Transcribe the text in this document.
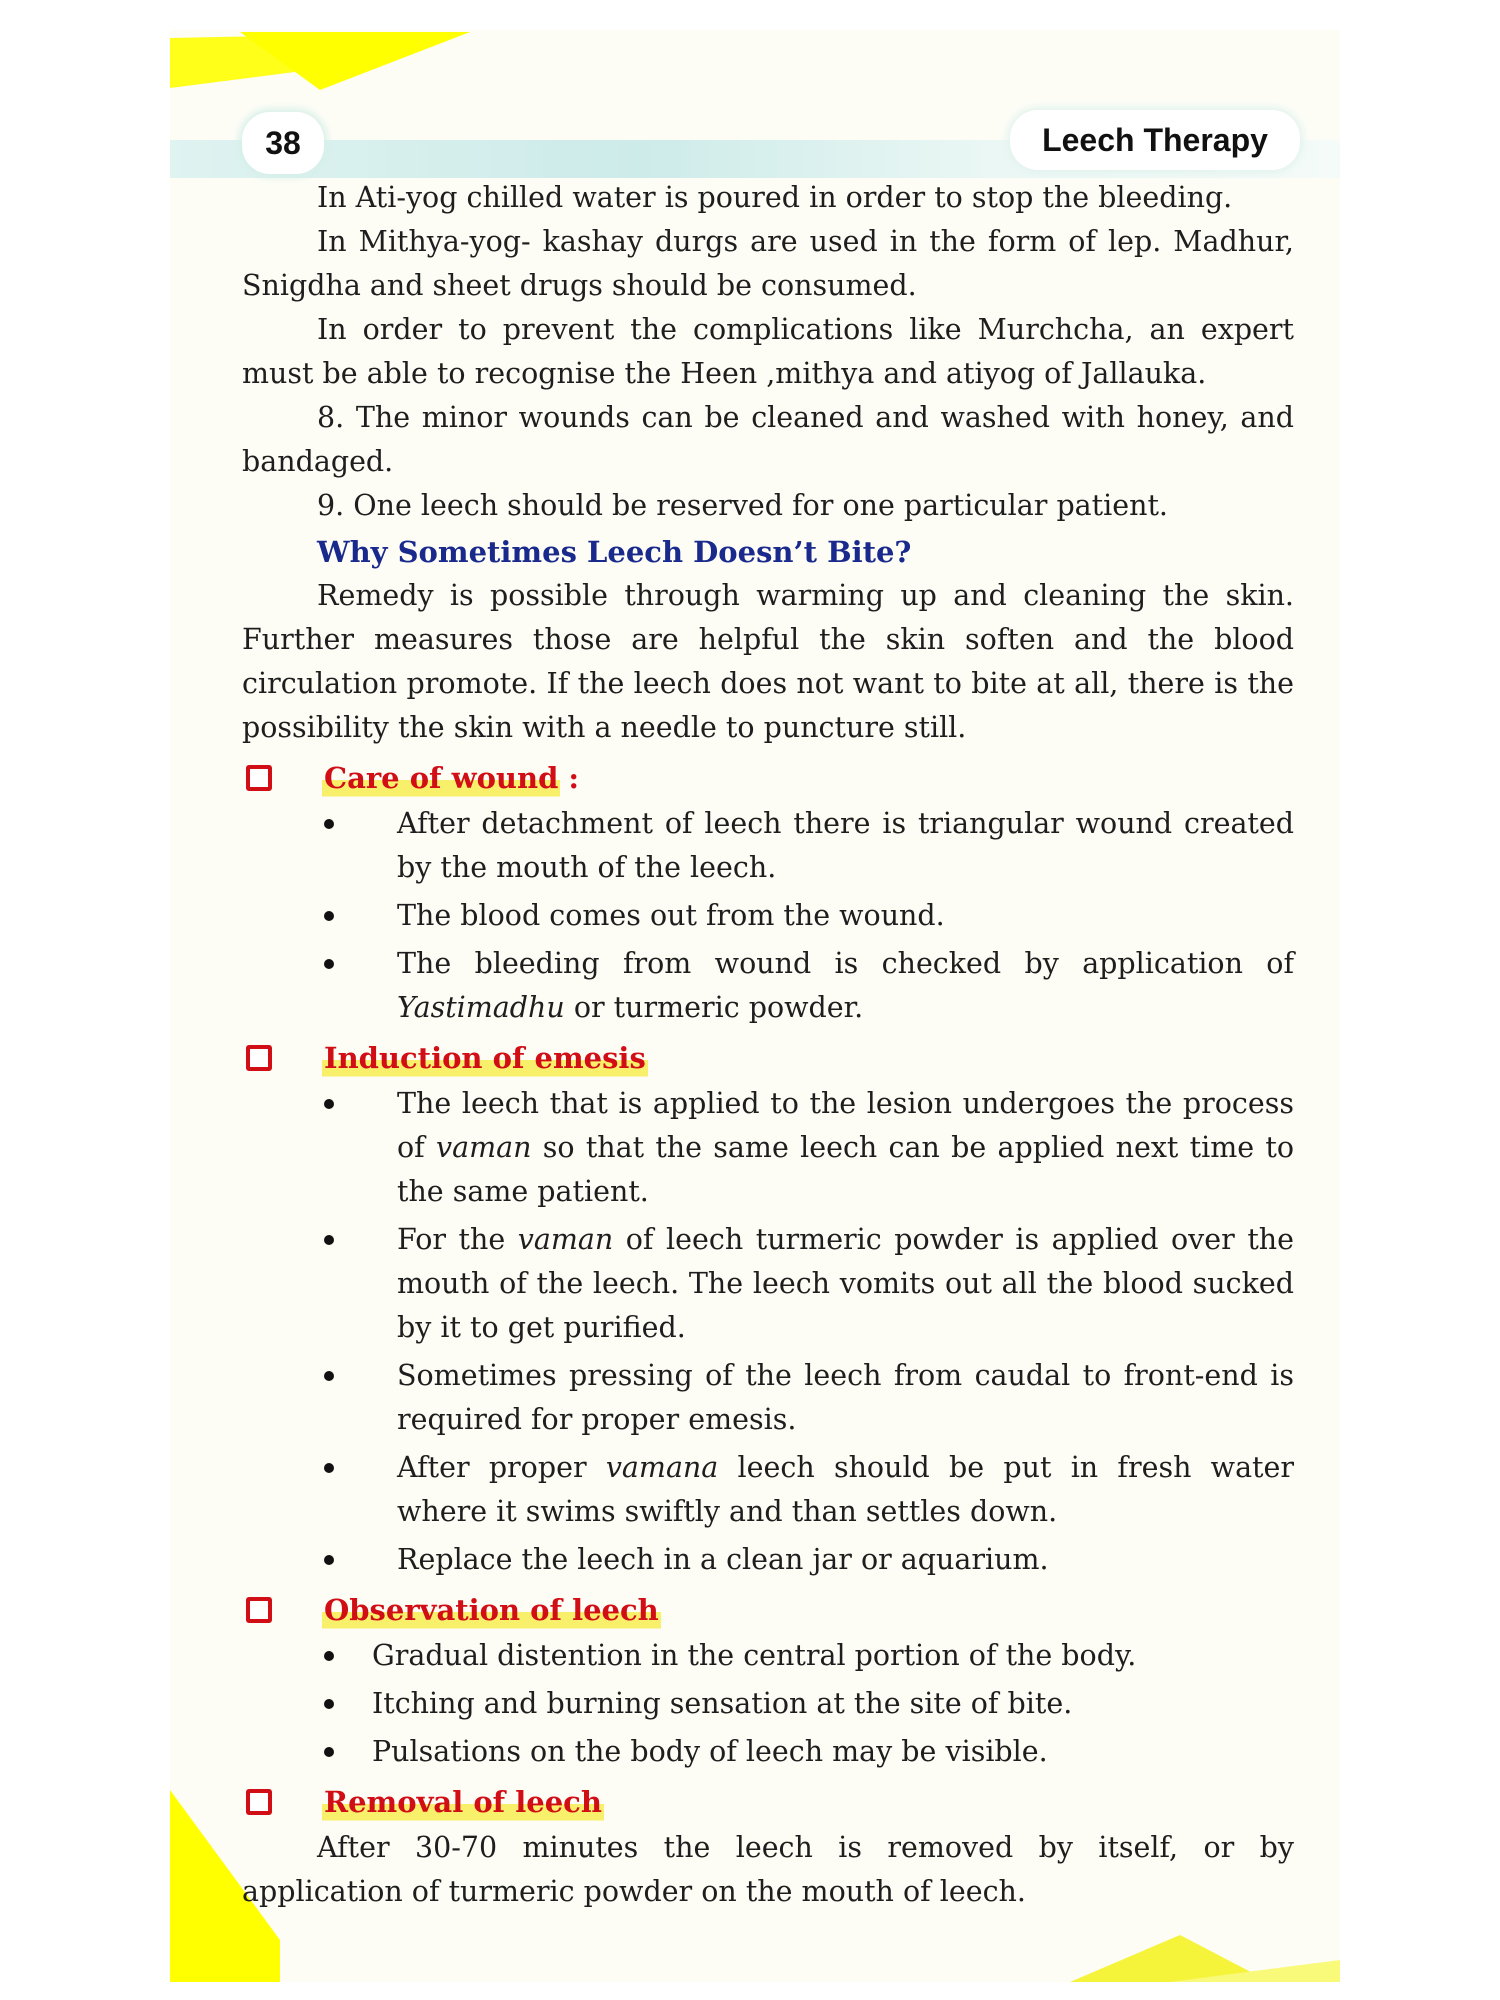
38	Leech Therapy

In Ati-yog chilled water is poured in order to stop the bleeding.

In Mithya-yog- kashay durgs are used in the form of lep. Madhur, Snigdha and sheet drugs should be consumed.

In order to prevent the complications like Murchcha, an expert must be able to recognise the Heen ,mithya and atiyog of Jallauka.

8. The minor wounds can be cleaned and washed with honey, and bandaged.

9. One leech should be reserved for one particular patient.

Why Sometimes Leech Doesn’t Bite?

Remedy is possible through warming up and cleaning the skin. Further measures those are helpful the skin soften and the blood circulation promote. If the leech does not want to bite at all, there is the possibility the skin with a needle to puncture still.

Care of wound :
After detachment of leech there is triangular wound created by the mouth of the leech.
The blood comes out from the wound.
The bleeding from wound is checked by application of Yastimadhu or turmeric powder.
Induction of emesis
The leech that is applied to the lesion undergoes the process of vaman so that the same leech can be applied next time to the same patient.
For the vaman of leech turmeric powder is applied over the mouth of the leech. The leech vomits out all the blood sucked by it to get purified.
Sometimes pressing of the leech from caudal to front-end is required for proper emesis.
After proper vamana leech should be put in fresh water where it swims swiftly and than settles down.
Replace the leech in a clean jar or aquarium.
Observation of leech
Gradual distention in the central portion of the body.
Itching and burning sensation at the site of bite.
Pulsations on the body of leech may be visible.
Removal of leech

After 30-70 minutes the leech is removed by itself, or by application of turmeric powder on the mouth of leech.
